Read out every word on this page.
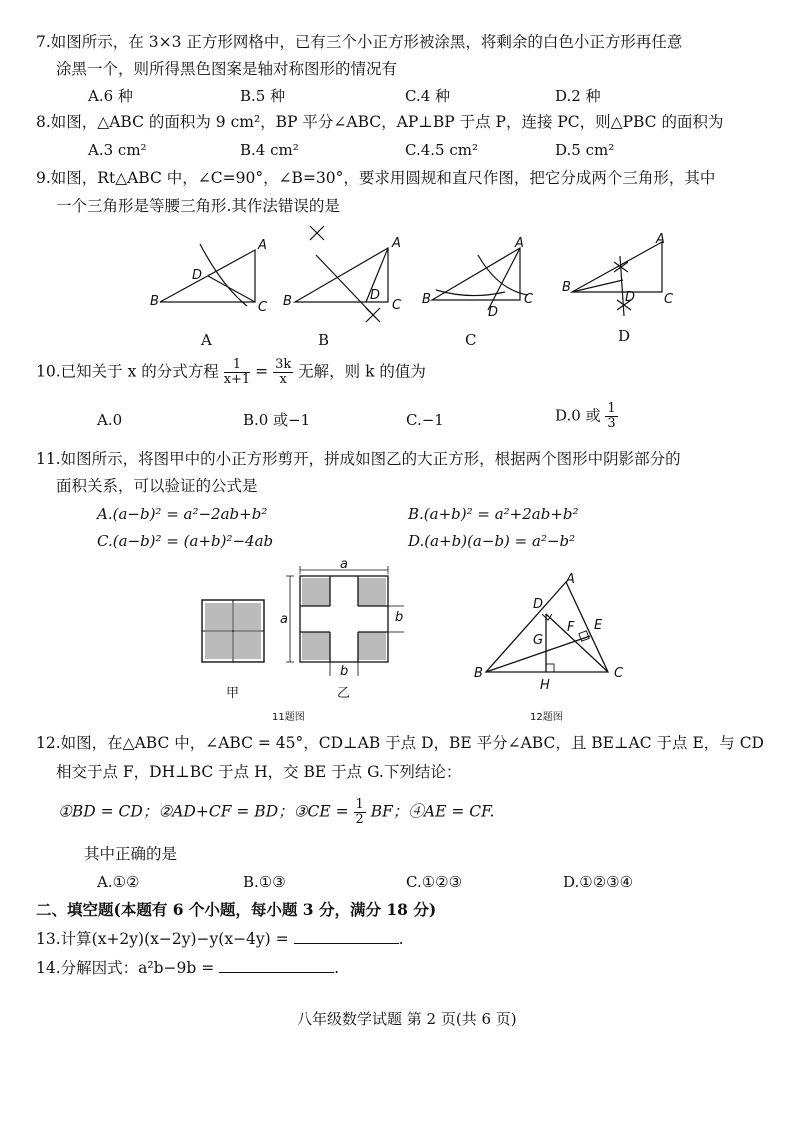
7.如图所示，在 3×3 正方形网格中，已有三个小正方形被涂黑，将剩余的白色小正方形再任意
涂黑一个，则所得黑色图案是轴对称图形的情况有
A.6 种	B.5 种	C.4 种	D.2 种
8.如图，△ABC 的面积为 9 cm²，BP 平分∠ABC，AP⊥BP 于点 P，连接 PC，则△PBC 的面积为
A.3 cm²	B.4 cm²	C.4.5 cm²	D.5 cm²
9.如图，Rt△ABC 中，∠C=90°，∠B=30°，要求用圆规和直尺作图，把它分成两个三角形，其中
一个三角形是等腰三角形.其作法错误的是
B	C
A
D
B	C
A
D	B	C
A
D
B
C
A
D
A	B	C	D
10.已知关于 x 的分式方程 $\frac{1}{x+1} = \frac{3k}{x}$ 无解，则 k 的值为
A.0	B.0 或−1	C.−1	D.0 或 $\frac{1}{3}$
11.如图所示，将图甲中的小正方形剪开，拼成如图乙的大正方形，根据两个图形中阴影部分的
面积关系，可以验证的公式是
A.(a−b)² = a²−2ab+b²	B.(a+b)² = a²+2ab+b²
C.(a−b)² = (a+b)²−4ab	D.(a+b)(a−b) = a²−b²
甲	乙
a
a	b
b
11题图	12题图
A
B	C
D
E
F
G
H
12.如图，在△ABC 中，∠ABC = 45°，CD⊥AB 于点 D，BE 平分∠ABC，且 BE⊥AC 于点 E，与 CD
相交于点 F，DH⊥BC 于点 H，交 BE 于点 G.下列结论：
①BD = CD；②AD+CF = BD；③CE = $\frac{1}{2}$ BF；④AE = CF.
其中正确的是
A.①②	B.①③	C.①②③	D.①②③④
二、填空题(本题有 6 个小题，每小题 3 分，满分 18 分)
13.计算(x+2y)(x−2y)−y(x−4y) =	.
14.分解因式：a²b−9b =	.
八年级数学试题 第 2 页(共 6 页)
